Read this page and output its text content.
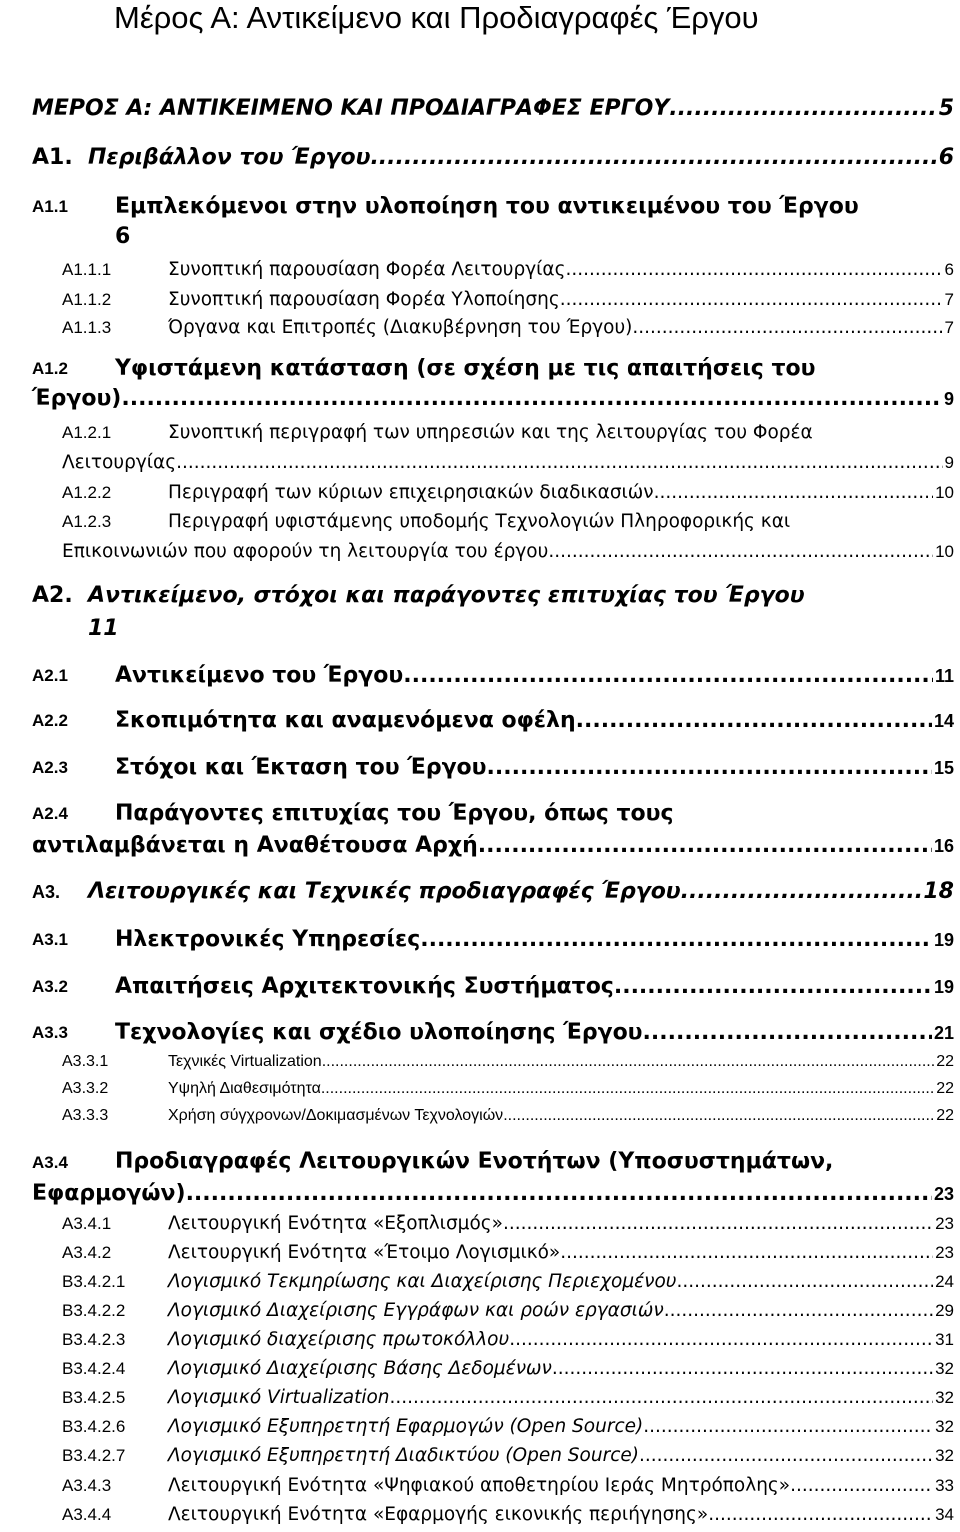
Μέρος Α: Αντικείμενο και Προδιαγραφές Έργου
ΜΕΡΟΣ Α: ΑΝΤΙΚΕΙΜΕΝΟ ΚΑΙ ΠΡΟΔΙΑΓΡΑΦΕΣ ΕΡΓΟΥ .....	5
Α1. Περιβάλλον του Έργου .....	6
Α1.1 Εμπλεκόμενοι στην υλοποίηση του αντικειμένου του Έργου
6
Α1.1.1	Συνοπτική παρουσίαση Φορέα Λειτουργίας .....	6
Α1.1.2	Συνοπτική παρουσίαση Φορέα Υλοποίησης .....	7
Α1.1.3	Όργανα και Επιτροπές (Διακυβέρνηση του Έργου) .....	7
Α1.2 Υφιστάμενη κατάσταση (σε σχέση με τις απαιτήσεις του
Έργου) .....	9
Α1.2.1	Συνοπτική περιγραφή των υπηρεσιών και της λειτουργίας του Φορέα
Λειτουργίας .....	9
Α1.2.2	Περιγραφή των κύριων επιχειρησιακών διαδικασιών .....	10
Α1.2.3	Περιγραφή υφιστάμενης υποδομής Τεχνολογιών Πληροφορικής και
Επικοινωνιών που αφορούν τη λειτουργία του έργου .....	10
Α2. Αντικείμενο, στόχοι και παράγοντες επιτυχίας του Έργου
11
Α2.1 Αντικείμενο του Έργου .....	11
Α2.2 Σκοπιμότητα και αναμενόμενα οφέλη .....	14
Α2.3 Στόχοι και Έκταση του Έργου .....	15
Α2.4 Παράγοντες επιτυχίας του Έργου, όπως τους
αντιλαμβάνεται η Αναθέτουσα Αρχή .....	16
Α3. Λειτουργικές και Τεχνικές προδιαγραφές Έργου .....	18
Α3.1 Ηλεκτρονικές Υπηρεσίες .....	19
Α3.2 Απαιτήσεις Αρχιτεκτονικής Συστήματος .....	19
Α3.3 Τεχνολογίες και σχέδιο υλοποίησης Έργου .....	21
Α3.3.1	Τεχνικές Virtualization .....	22
Α3.3.2	Υψηλή Διαθεσιμότητα .....	22
Α3.3.3	Χρήση σύγχρονων/Δοκιμασμένων Τεχνολογιών .....	22
Α3.4 Προδιαγραφές Λειτουργικών Ενοτήτων (Υποσυστημάτων,
Εφαρμογών) .....	23
Α3.4.1	Λειτουργική Ενότητα «Εξοπλισμός» .....	23
Α3.4.2	Λειτουργική Ενότητα «Έτοιμο Λογισμικό» .....	23
Β3.4.2.1 Λογισμικό Τεκμηρίωσης και Διαχείρισης Περιεχομένου .....	24
Β3.4.2.2 Λογισμικό Διαχείρισης Εγγράφων και ροών εργασιών .....	29
Β3.4.2.3 Λογισμικό διαχείρισης πρωτοκόλλου .....	31
Β3.4.2.4 Λογισμικό Διαχείρισης Βάσης Δεδομένων .....	32
Β3.4.2.5 Λογισμικό Virtualization .....	32
Β3.4.2.6 Λογισμικό Εξυπηρετητή Εφαρμογών (Open Source) .....	32
Β3.4.2.7 Λογισμικό Εξυπηρετητή Διαδικτύου (Open Source) .....	32
Α3.4.3	Λειτουργική Ενότητα «Ψηφιακού αποθετηρίου Ιεράς Μητρόπολης» .....	33
Α3.4.4	Λειτουργική Ενότητα «Εφαρμογής εικονικής περιήγησης» .....	34
